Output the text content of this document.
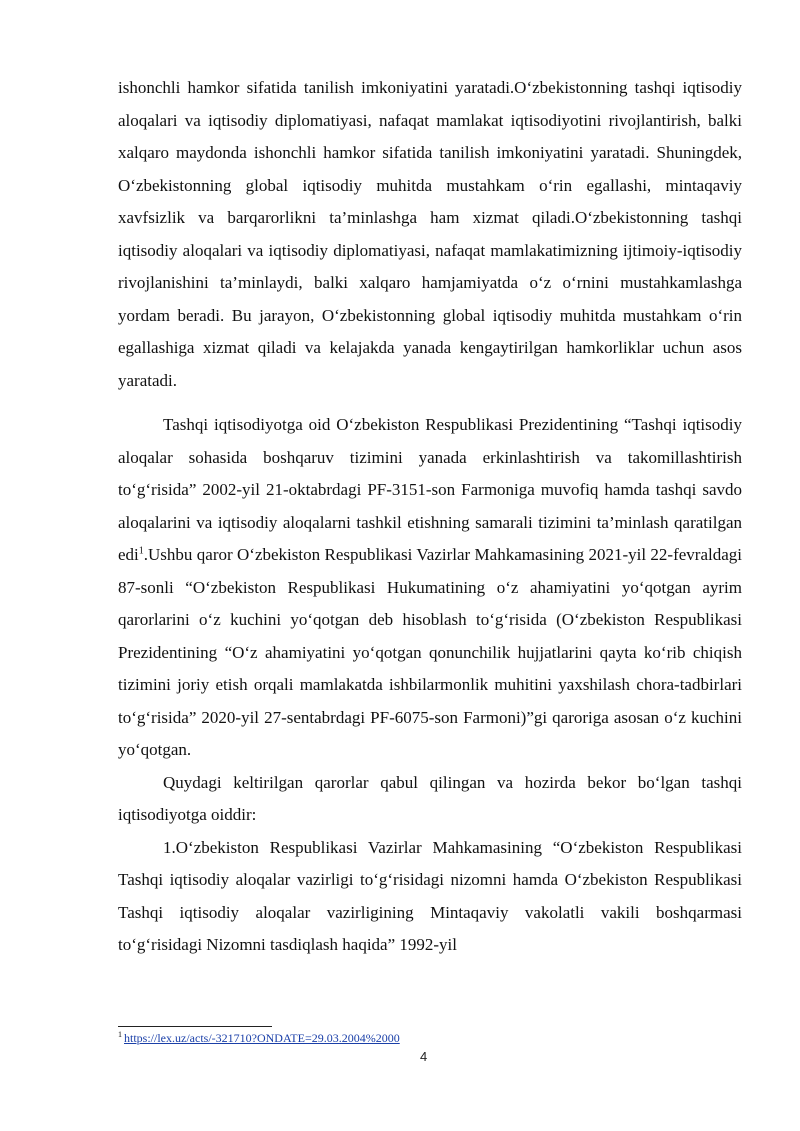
ishonchli hamkor sifatida tanilish imkoniyatini yaratadi.O‘zbekistonning tashqi iqtisodiy aloqalari va iqtisodiy diplomatiyasi, nafaqat mamlakat iqtisodiyotini rivojlantirish, balki xalqaro maydonda ishonchli hamkor sifatida tanilish imkoniyatini yaratadi. Shuningdek, O‘zbekistonning global iqtisodiy muhitda mustahkam o‘rin egallashi, mintaqaviy xavfsizlik va barqarorlikni ta’minlashga ham xizmat qiladi.O‘zbekistonning tashqi iqtisodiy aloqalari va iqtisodiy diplomatiyasi, nafaqat mamlakatimizning ijtimoiy-iqtisodiy rivojlanishini ta’minlaydi, balki xalqaro hamjamiyatda o‘z o‘rnini mustahkamlashga yordam beradi. Bu jarayon, O‘zbekistonning global iqtisodiy muhitda mustahkam o‘rin egallashiga xizmat qiladi va kelajakda yanada kengaytirilgan hamkorliklar uchun asos yaratadi.

Tashqi iqtisodiyotga oid O‘zbekiston Respublikasi Prezidentining “Tashqi iqtisodiy aloqalar sohasida boshqaruv tizimini yanada erkinlashtirish va takomillashtirish to‘g‘risida” 2002-yil 21-oktabrdagi PF-3151-son Farmoniga muvofiq hamda tashqi savdo aloqalarini va iqtisodiy aloqalarni tashkil etishning samarali tizimini ta’minlash qaratilgan edi$^1$.Ushbu qaror O‘zbekiston Respublikasi Vazirlar Mahkamasining 2021-yil 22-fevraldagi 87-sonli “O‘zbekiston Respublikasi Hukumatining o‘z ahamiyatini yo‘qotgan ayrim qarorlarini o‘z kuchini yo‘qotgan deb hisoblash to‘g‘risida (O‘zbekiston Respublikasi Prezidentining “O‘z ahamiyatini yo‘qotgan qonunchilik hujjatlarini qayta ko‘rib chiqish tizimini joriy etish orqali mamlakatda ishbilarmonlik muhitini yaxshilash chora-tadbirlari to‘g‘risida” 2020-yil 27-sentabrdagi PF-6075-son Farmoni)”gi qaroriga asosan o‘z kuchini yo‘qotgan.

Quydagi keltirilgan qarorlar qabul qilingan va hozirda bekor bo‘lgan tashqi iqtisodiyotga oiddir:

1.O‘zbekiston Respublikasi Vazirlar Mahkamasining “O‘zbekiston Respublikasi Tashqi iqtisodiy aloqalar vazirligi to‘g‘risidagi nizomni hamda O‘zbekiston Respublikasi Tashqi iqtisodiy aloqalar vazirligining Mintaqaviy vakolatli vakili boshqarmasi to‘g‘risidagi Nizomni tasdiqlash haqida” 1992-yil

$^1$ https://lex.uz/acts/-321710?ONDATE=29.03.2004%2000
4
